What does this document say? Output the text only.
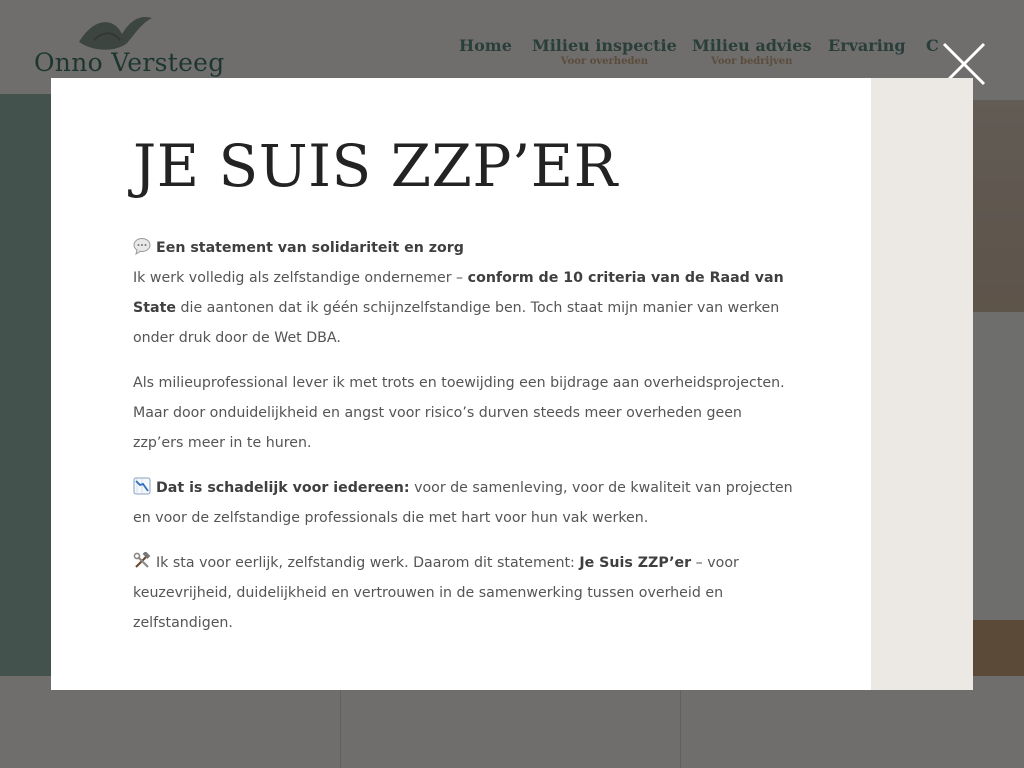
JE SUIS ZZP’ER

Een statement van solidariteit en zorg
Ik werk volledig als zelfstandige ondernemer – conform de 10 criteria van de Raad van State die aantonen dat ik géén schijnzelfstandige ben. Toch staat mijn manier van werken onder druk door de Wet DBA.

Als milieuprofessional lever ik met trots en toewijding een bijdrage aan overheidsprojecten. Maar door onduidelijkheid en angst voor risico’s durven steeds meer overheden geen zzp’ers meer in te huren.

Dat is schadelijk voor iedereen: voor de samenleving, voor de kwaliteit van projecten en voor de zelfstandige professionals die met hart voor hun vak werken.

Ik sta voor eerlijk, zelfstandig werk. Daarom dit statement: Je Suis ZZP’er – voor keuzevrijheid, duidelijkheid en vertrouwen in de samenwerking tussen overheid en zelfstandigen.
